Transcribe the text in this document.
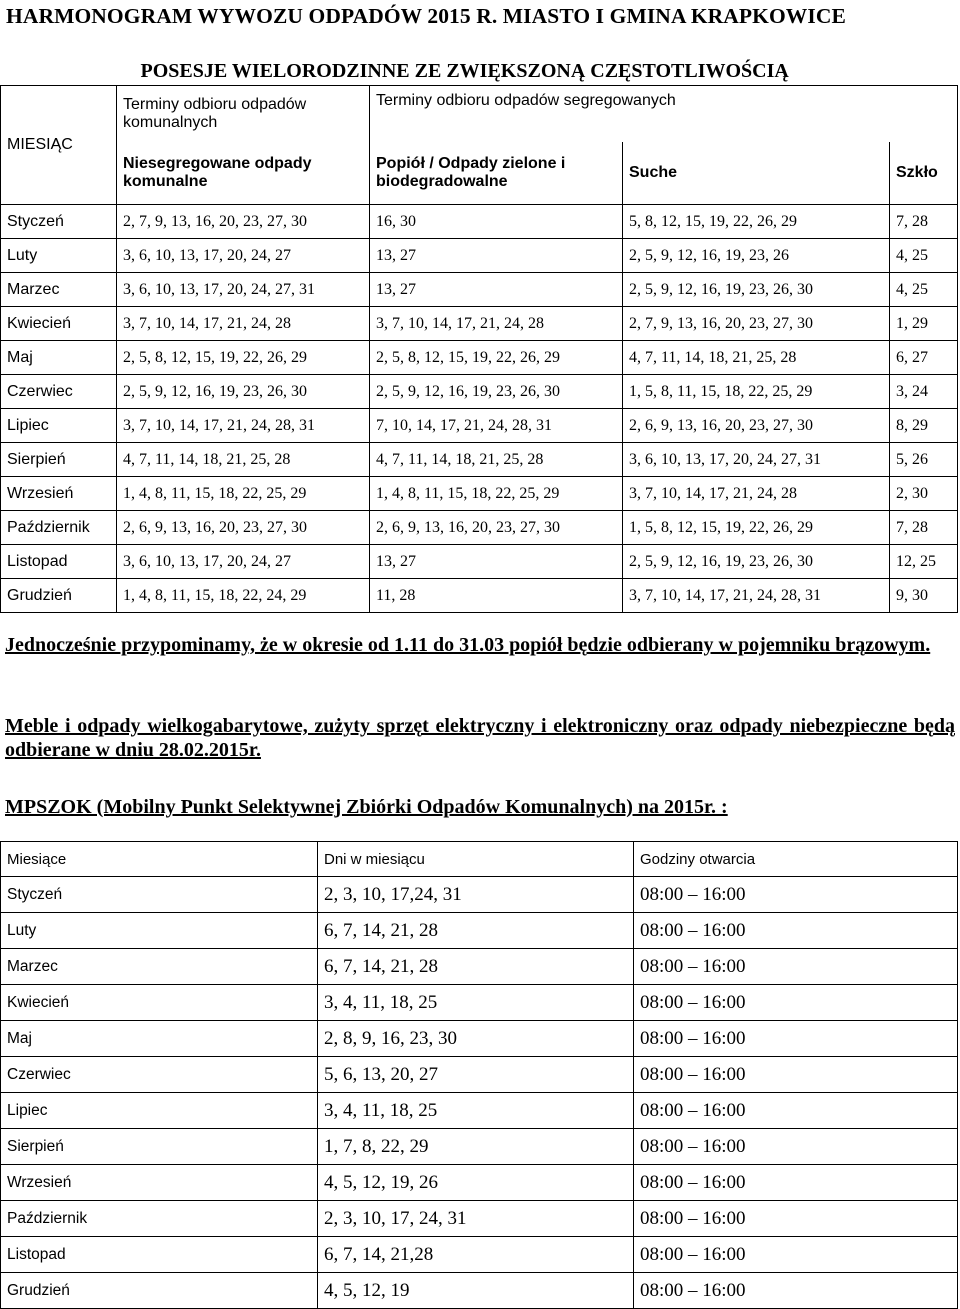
HARMONOGRAM WYWOZU ODPADÓW 2015 R. MIASTO I GMINA KRAPKOWICE
	POSESJE WIELORODZINNE ZE ZWIĘKSZONĄ CZĘSTOTLIWOŚCIĄ			
MIESIĄC	Terminy odbioru odpadów komunalnych	Terminy odbioru odpadów segregowanych		
	Niesegregowane odpady komunalne	Popiół / Odpady zielone i biodegradowalne	Suche	Szkło
Styczeń	2, 7, 9, 13, 16, 20, 23, 27, 30	16, 30	5, 8, 12, 15, 19, 22, 26, 29	7, 28
Luty	3, 6, 10, 13, 17, 20, 24, 27	13, 27	2, 5, 9, 12, 16, 19, 23, 26	4, 25
Marzec	3, 6, 10, 13, 17, 20, 24, 27, 31	13, 27	2, 5, 9, 12, 16, 19, 23, 26, 30	4, 25
Kwiecień	3, 7, 10, 14, 17, 21, 24, 28	3, 7, 10, 14, 17, 21, 24, 28	2, 7, 9, 13, 16, 20, 23, 27, 30	1, 29
Maj	2, 5, 8, 12, 15, 19, 22, 26, 29	2, 5, 8, 12, 15, 19, 22, 26, 29	4, 7, 11, 14, 18, 21, 25, 28	6, 27
Czerwiec	2, 5, 9, 12, 16, 19, 23, 26, 30	2, 5, 9, 12, 16, 19, 23, 26, 30	1, 5, 8, 11, 15, 18, 22, 25, 29	3, 24
Lipiec	3, 7, 10, 14, 17, 21, 24, 28, 31	7, 10, 14, 17, 21, 24, 28, 31	2, 6, 9, 13, 16, 20, 23, 27, 30	8, 29
Sierpień	4, 7, 11, 14, 18, 21, 25, 28	4, 7, 11, 14, 18, 21, 25, 28	3, 6, 10, 13, 17, 20, 24, 27, 31	5, 26
Wrzesień	1, 4, 8, 11, 15, 18, 22, 25, 29	1, 4, 8, 11, 15, 18, 22, 25, 29	3, 7, 10, 14, 17, 21, 24, 28	2, 30
Październik	2, 6, 9, 13, 16, 20, 23, 27, 30	2, 6, 9, 13, 16, 20, 23, 27, 30	1, 5, 8, 12, 15, 19, 22, 26, 29	7, 28
Listopad	3, 6, 10, 13, 17, 20, 24, 27	13, 27	2, 5, 9, 12, 16, 19, 23, 26, 30	12, 25
Grudzień	1, 4, 8, 11, 15, 18, 22, 24, 29	11, 28	3, 7, 10, 14, 17, 21, 24, 28, 31	9, 30
Jednocześnie przypominamy, że w okresie od 1.11 do 31.03 popiół będzie odbierany w pojemniku brązowym.
Meble i odpady wielkogabarytowe, zużyty sprzęt elektryczny i elektroniczny oraz odpady niebezpieczne będą odbierane w dniu 28.02.2015r.
MPSZOK (Mobilny Punkt Selektywnej Zbiórki Odpadów Komunalnych) na 2015r. :
Miesiące	Dni w miesiącu	Godziny otwarcia
Styczeń	2, 3, 10, 17,24, 31	08:00 – 16:00
Luty	6, 7, 14, 21, 28	08:00 – 16:00
Marzec	6, 7, 14, 21, 28	08:00 – 16:00
Kwiecień	3, 4, 11, 18, 25	08:00 – 16:00
Maj	2, 8, 9, 16, 23, 30	08:00 – 16:00
Czerwiec	5, 6, 13, 20, 27	08:00 – 16:00
Lipiec	3, 4, 11, 18, 25	08:00 – 16:00
Sierpień	1, 7, 8, 22, 29	08:00 – 16:00
Wrzesień	4, 5, 12, 19, 26	08:00 – 16:00
Październik	2, 3, 10, 17, 24, 31	08:00 – 16:00
Listopad	6, 7, 14, 21,28	08:00 – 16:00
Grudzień	4, 5, 12, 19	08:00 – 16:00
